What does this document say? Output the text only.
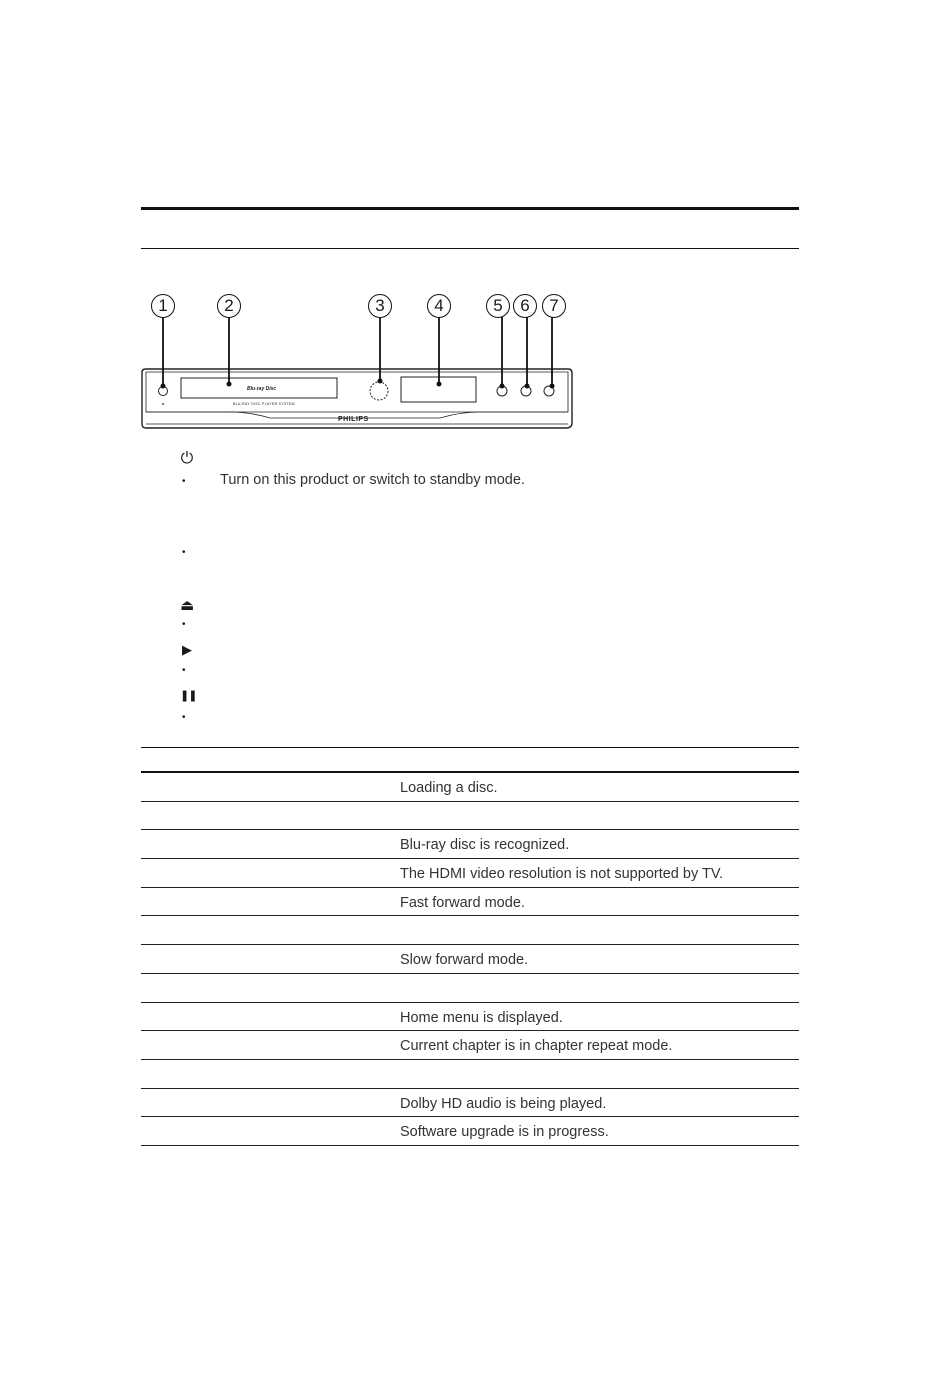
Blu-ray Disc
BLU-RAY DISC PLAYER SYSTEM
PHILIPS
1	2	3	4	5	6	7
⏻
• Turn on this product or switch to standby mode.
•
⏏
•
▶
•
❚❚
•
Loading a disc.
Blu-ray disc is recognized.
The HDMI video resolution is not supported by TV.
Fast forward mode.
Slow forward mode.
Home menu is displayed.
Current chapter is in chapter repeat mode.
Dolby HD audio is being played.
Software upgrade is in progress.
